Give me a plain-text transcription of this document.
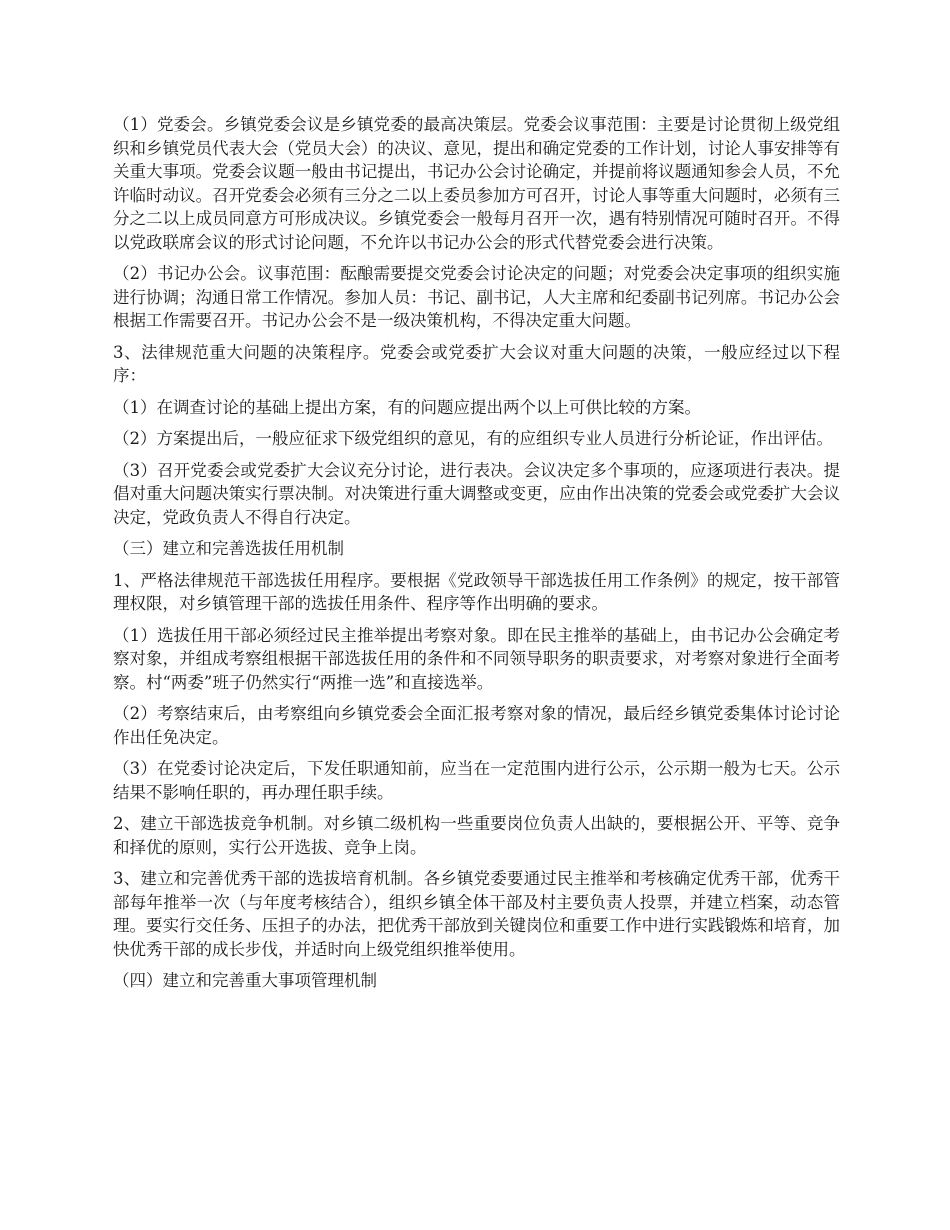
（1）党委会。乡镇党委会议是乡镇党委的最高决策层。党委会议事范围：主要是讨论贯彻上级党组织和乡镇党员代表大会（党员大会）的决议、意见，提出和确定党委的工作计划，讨论人事安排等有关重大事项。党委会议题一般由书记提出，书记办公会讨论确定，并提前将议题通知参会人员，不允许临时动议。召开党委会必须有三分之二以上委员参加方可召开，讨论人事等重大问题时，必须有三分之二以上成员同意方可形成决议。乡镇党委会一般每月召开一次，遇有特别情况可随时召开。不得以党政联席会议的形式讨论问题，不允许以书记办公会的形式代替党委会进行决策。

（2）书记办公会。议事范围：酝酿需要提交党委会讨论决定的问题；对党委会决定事项的组织实施进行协调；沟通日常工作情况。参加人员：书记、副书记，人大主席和纪委副书记列席。书记办公会根据工作需要召开。书记办公会不是一级决策机构，不得决定重大问题。

3、法律规范重大问题的决策程序。党委会或党委扩大会议对重大问题的决策，一般应经过以下程序：

（1）在调查讨论的基础上提出方案，有的问题应提出两个以上可供比较的方案。

（2）方案提出后，一般应征求下级党组织的意见，有的应组织专业人员进行分析论证，作出评估。

（3）召开党委会或党委扩大会议充分讨论，进行表决。会议决定多个事项的，应逐项进行表决。提倡对重大问题决策实行票决制。对决策进行重大调整或变更，应由作出决策的党委会或党委扩大会议决定，党政负责人不得自行决定。

（三）建立和完善选拔任用机制

1、严格法律规范干部选拔任用程序。要根据《党政领导干部选拔任用工作条例》的规定，按干部管理权限，对乡镇管理干部的选拔任用条件、程序等作出明确的要求。

（1）选拔任用干部必须经过民主推举提出考察对象。即在民主推举的基础上，由书记办公会确定考察对象，并组成考察组根据干部选拔任用的条件和不同领导职务的职责要求，对考察对象进行全面考察。村“两委”班子仍然实行“两推一选”和直接选举。

（2）考察结束后，由考察组向乡镇党委会全面汇报考察对象的情况，最后经乡镇党委集体讨论讨论作出任免决定。

（3）在党委讨论决定后，下发任职通知前，应当在一定范围内进行公示，公示期一般为七天。公示结果不影响任职的，再办理任职手续。

2、建立干部选拔竞争机制。对乡镇二级机构一些重要岗位负责人出缺的，要根据公开、平等、竞争和择优的原则，实行公开选拔、竞争上岗。

3、建立和完善优秀干部的选拔培育机制。各乡镇党委要通过民主推举和考核确定优秀干部，优秀干部每年推举一次（与年度考核结合），组织乡镇全体干部及村主要负责人投票，并建立档案，动态管理。要实行交任务、压担子的办法，把优秀干部放到关键岗位和重要工作中进行实践锻炼和培育，加快优秀干部的成长步伐，并适时向上级党组织推举使用。

（四）建立和完善重大事项管理机制
